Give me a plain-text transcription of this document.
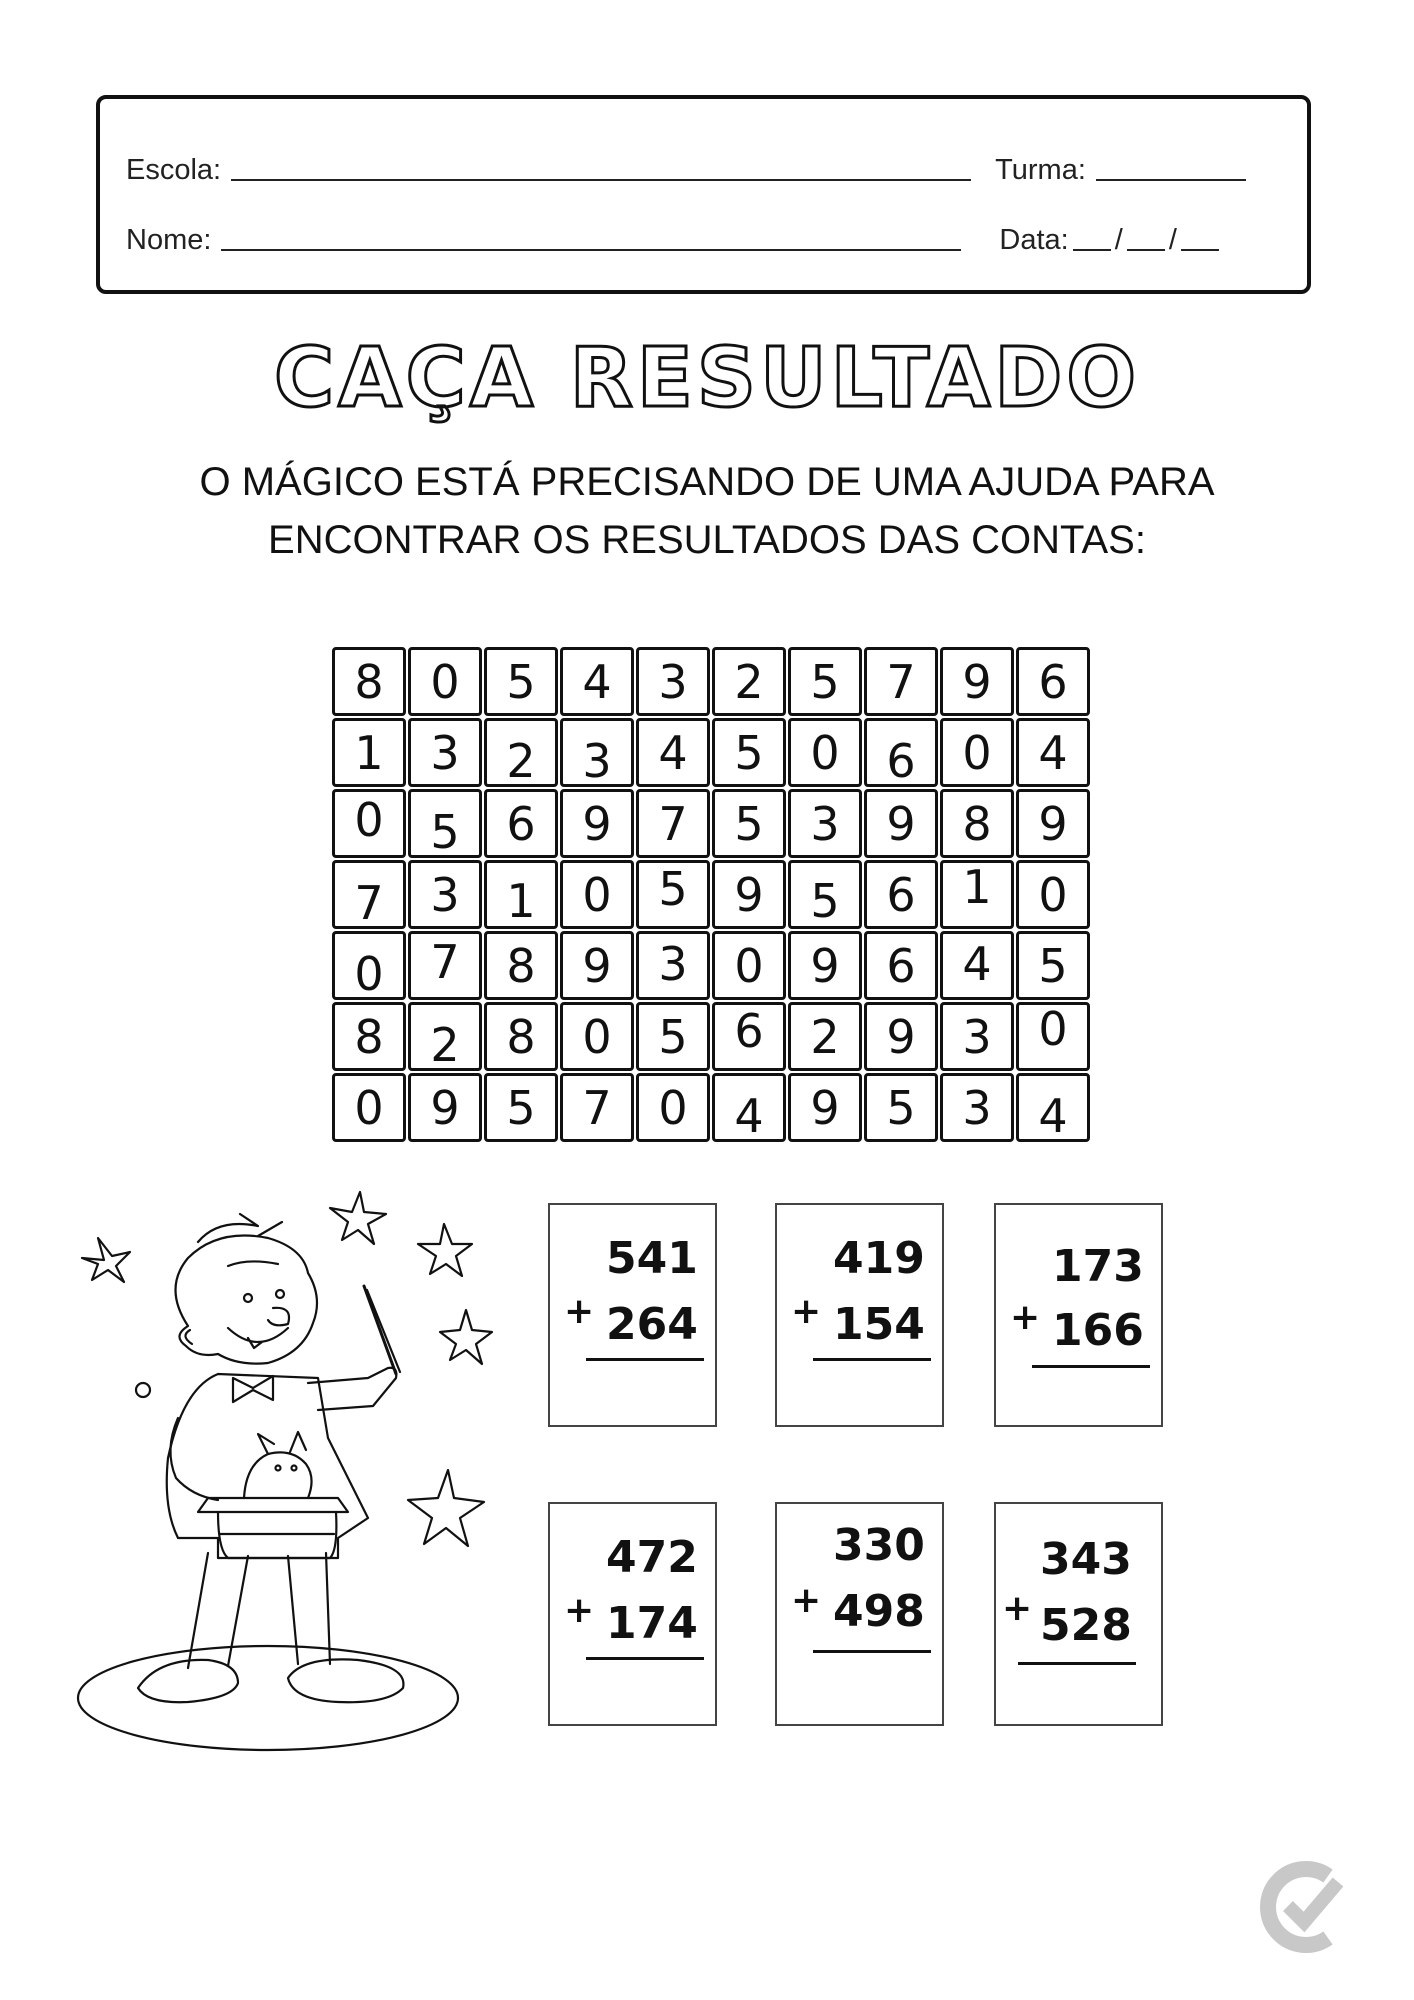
Escola:	Turma:
Nome:	Data: / /
CAÇA RESULTADO
O MÁGICO ESTÁ PRECISANDO DE UMA AJUDA PARA
ENCONTRAR OS RESULTADOS DAS CONTAS:
8 0 5 4 3 2 5 7 9 6
1 3 2 3 4 5 0 6 0 4
0 5 6 9 7 5 3 9 8 9
7 3 1 0 5 9 5 6 1 0
0 7 8 9 3 0 9 6 4 5
8 2 8 0 5 6 2 9 3 0
0 9 5 7 0 4 9 5 3 4
541
+ 264
419
+ 154
173
+ 166
472
+ 174
330
+ 498
343
+ 528
